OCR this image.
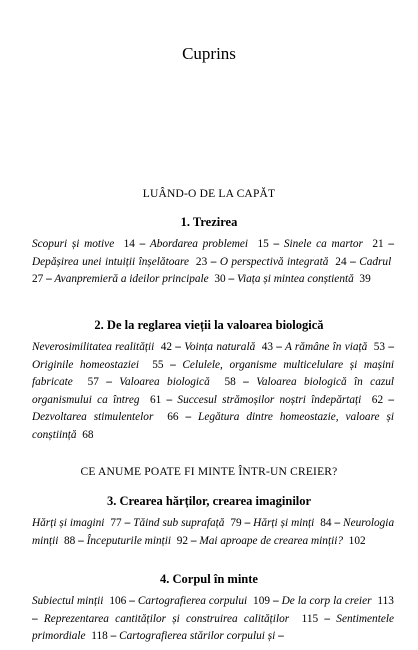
Cuprins
LUÂND-O DE LA CAPĂT
1. Trezirea

Scopuri și motive 14 – Abordarea problemei 15 – Sinele ca martor 21 – Depășirea unei intuiții înșelătoare 23 – O perspectivă integrată 24 – Cadrul  27 – Avanpremieră a ideilor principale 30 – Viața și mintea conștientă 39

2. De la reglarea vieții la valoarea biologică

Neverosimilitatea realității 42 – Voința naturală 43 – A rămâne în viață 53 – Originile homeostaziei 55 – Celulele, organisme multicelulare și mașini fabricate 57 – Valoarea biologică 58 – Valoarea biologică în cazul organismului ca întreg 61 – Succesul strămoșilor noștri îndepărtați 62 – Dezvoltarea stimulentelor 66 – Legătura dintre homeostazie, valoare și conștiință 68

CE ANUME POATE FI MINTE ÎNTR-UN CREIER?
3. Crearea hărților, crearea imaginilor

Hărți și imagini 77 – Tăind sub suprafață 79 – Hărți și minți 84 – Neurologia minții 88 – Începuturile minții 92 – Mai aproape de crearea minții? 102

4. Corpul în minte

Subiectul minții 106 – Cartografierea corpului 109 – De la corp la creier 113 – Reprezentarea cantităților și construirea calităților 115 – Sentimentele primordiale 118 – Cartografierea stărilor corpului și –
